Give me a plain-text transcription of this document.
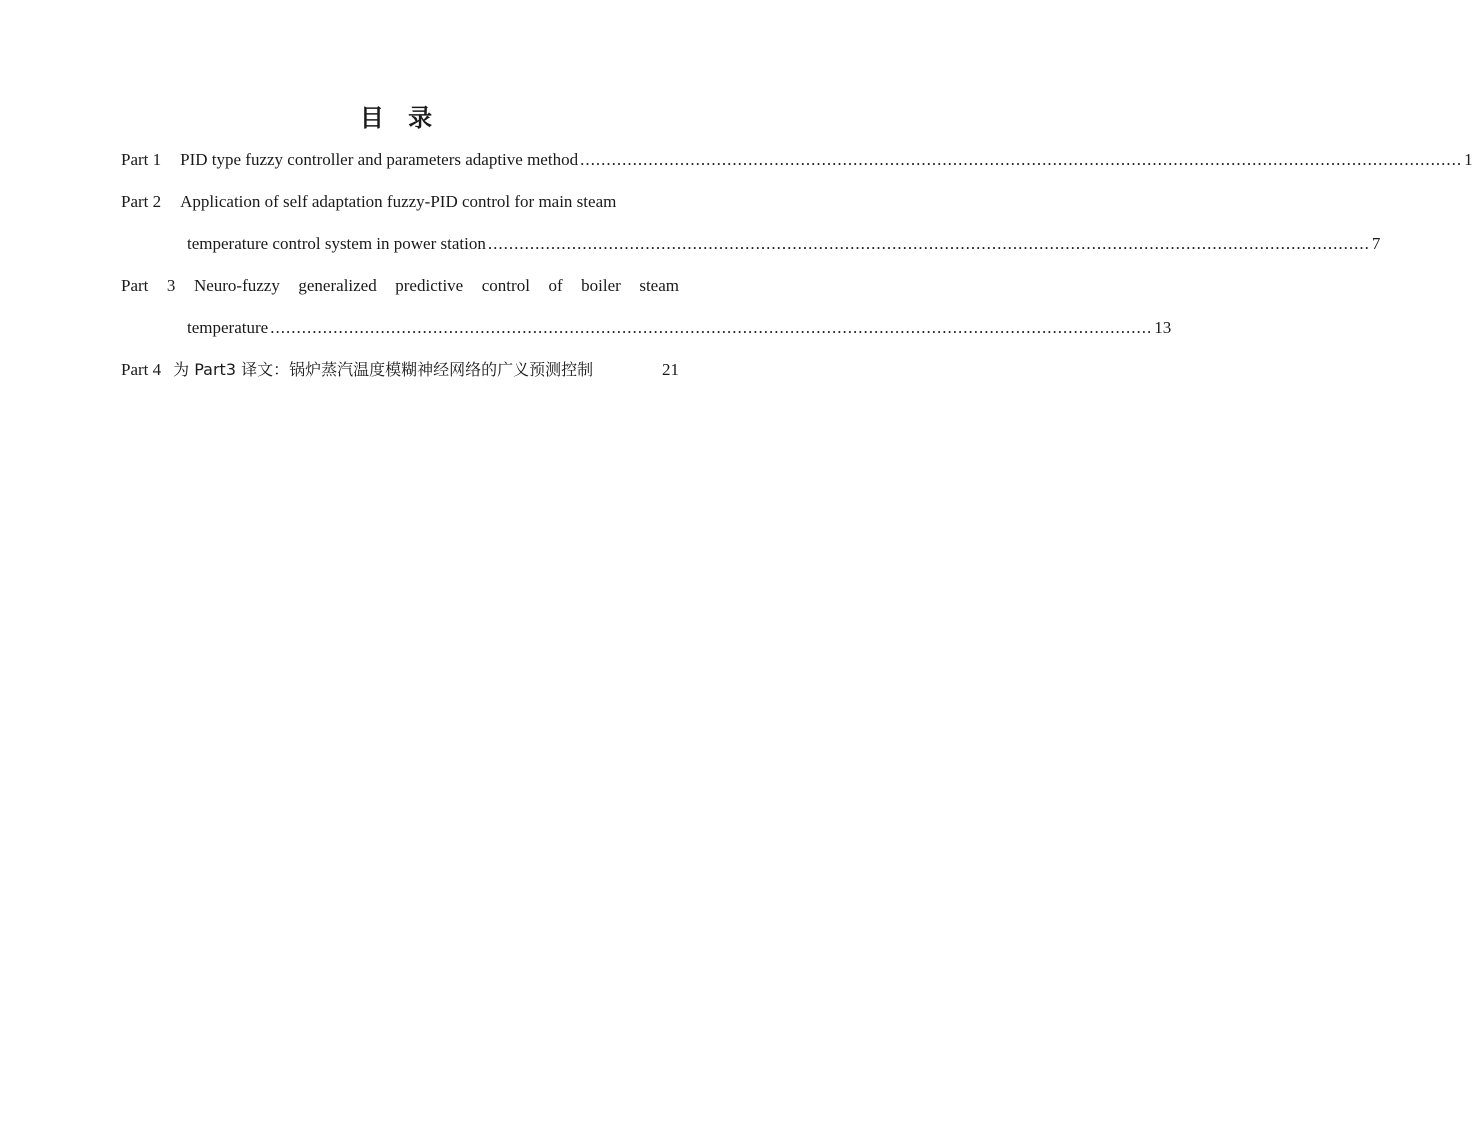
目 录
Part 1 PID type fuzzy controller and parameters adaptive method ........................................................................................................................................................................ 1
Part 2 Application of self adaptation fuzzy-PID control for main steam
temperature control system in power station ........................................................................................................................................................................ 7
Part 3 Neuro-fuzzy generalized predictive control of boiler steam
temperature ........................................................................................................................................................................ 13
Part 4 为 Part3 译文： 锅炉蒸汽温度模糊神经网络的广义预测控制	21
